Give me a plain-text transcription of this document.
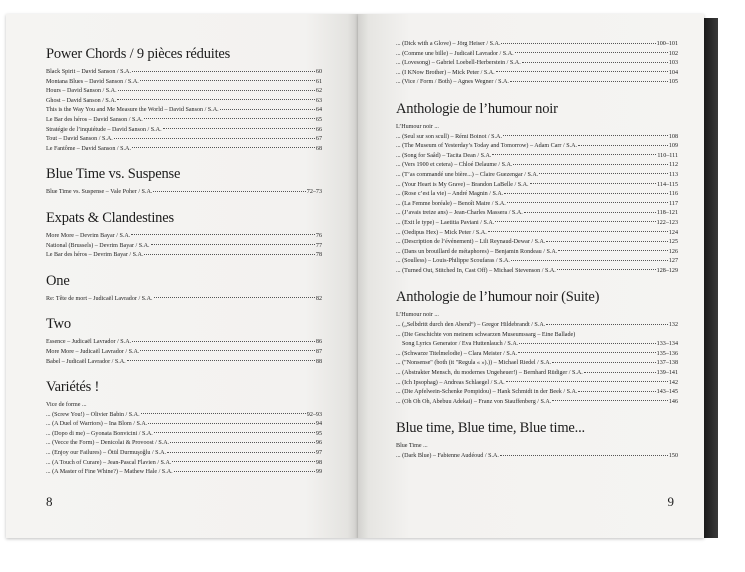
Power Chords / 9 pièces réduites
Black Spirit – David Sanson / S.A.	60
Montana Blues – David Sanson / S.A.	61
Hours – David Sanson / S.A.	62
Ghost – David Sanson / S.A.	63
This is the Way You and Me Measure the World – David Sanson / S.A.	64
Le Bar des héros – David Sanson / S.A.	65
Stratégie de l’inquiétude – David Sanson / S.A.	66
Tout – David Sanson / S.A.	67
Le Fantôme – David Sanson / S.A.	68
Blue Time vs. Suspense
Blue Time vs. Suspense – Vale Poher / S.A.	72–73
Expats & Clandestines
More More – Devrim Bayar / S.A.	76
National (Brussels) – Devrim Bayar / S.A.	77
Le Bar des héros – Devrim Bayar / S.A.	78
One
Re: Tête de mort – Judicaël Lavrador / S.A.	82
Two
Essence – Judicaël Lavrador / S.A.	86
More More – Judicaël Lavrador / S.A.	87
Babel – Judicaël Lavrador / S.A.	88
Variétés !
Vice de forme ...
... (Screw You!) – Olivier Babin / S.A.	92–93
... (A Duel of Warriors) – Ina Blom / S.A.	94
... (Dopo di me) – Gyonata Bonvicini / S.A.	95
... (Vecce the Form) – Denicolai & Provoost / S.A.	96
... (Enjoy our Failures) – Ötül Durmuşoğlu / S.A.	97
... (A Touch of Curare) – Jean-Pascal Flavien / S.A.	98
... (A Master of Fine Whine?) – Mathew Hale / S.A.	99
8
... (Dick with a Glove) – Jörg Heiser / S.A.	100–101
... (Comme une bille) – Judicaël Lavrador / S.A.	102
... (Lovesong) – Gabriel Loebell-Herberstein / S.A.	103
... (I KNow Brother) – Mick Peter / S.A.	104
... (Vice / Form / Both) – Agnes Wegner / S.A.	105
Anthologie de l’humour noir
L’Humour noir ...
... (Seul sur son scull) – Rémi Boinot / S.A.	108
... (The Museum of Yesterday’s Today and Tomorrow) – Adam Carr / S.A.	109
... (Song for Saâd) – Tacita Dean / S.A.	110–111
... (Vers 1900 et cetera) – Chloé Delaume / S.A.	112
... (T’as commandé une bière...) – Claire Guezengar / S.A.	113
... (Your Heart is My Grave) – Brandon LaBelle / S.A.	114–115
... (Rose c’est la vie) – André Magnin / S.A.	116
... (La Femme boréale) – Benoît Maire / S.A.	117
... (J’avais treize ans) – Jean-Charles Massera / S.A.	118–121
... (Exit le type) – Laetitia Paviani / S.A.	122–123
... (Oedipus Hex) – Mick Peter / S.A.	124
... (Description de l’événement) – Lili Reynaud-Dewar / S.A.	125
... (Dans un brouillard de métaphores) – Benjamin Rondeau / S.A.	126
... (Soulless) – Louis-Philippe Scoufaras / S.A.	127
... (Turned Out, Stitched In, Cast Off) – Michael Stevenson / S.A.	128–129
Anthologie de l’humour noir (Suite)
L’Humour noir ...
... („Selbdritt durch den Abend“) – Gregor Hildebrandt / S.A.	132
... (Die Geschichte von meinem schwarzen Museumssarg – Eine Ballade)
Song Lyrics Generator / Eva Huttenlauch / S.A.	133–134
... (Schwarze Titelmelodie) – Clara Meister / S.A.	135–136
... ("Nonsense" (both (it "Regula « »).)) – Michael Riedel / S.A.	137–138
... (Abstrakter Mensch, du modernes Ungeheuer!) – Bernhard Rüdiger / S.A.	139–141
... (Ich Ipsophag) – Andreas Schlaegel / S.A.	142
... (Die Apfelwein-Schenke Pompidou) – Hank Schmidt in der Beek / S.A.	143–145
... (Oh Oh Oh, Abebuu Adekai) – Franz von Stauffenberg / S.A.	146
Blue time, Blue time, Blue time...
Blue Time ...
... (Dark Blue) – Fabienne Audéoud / S.A.	150
9
